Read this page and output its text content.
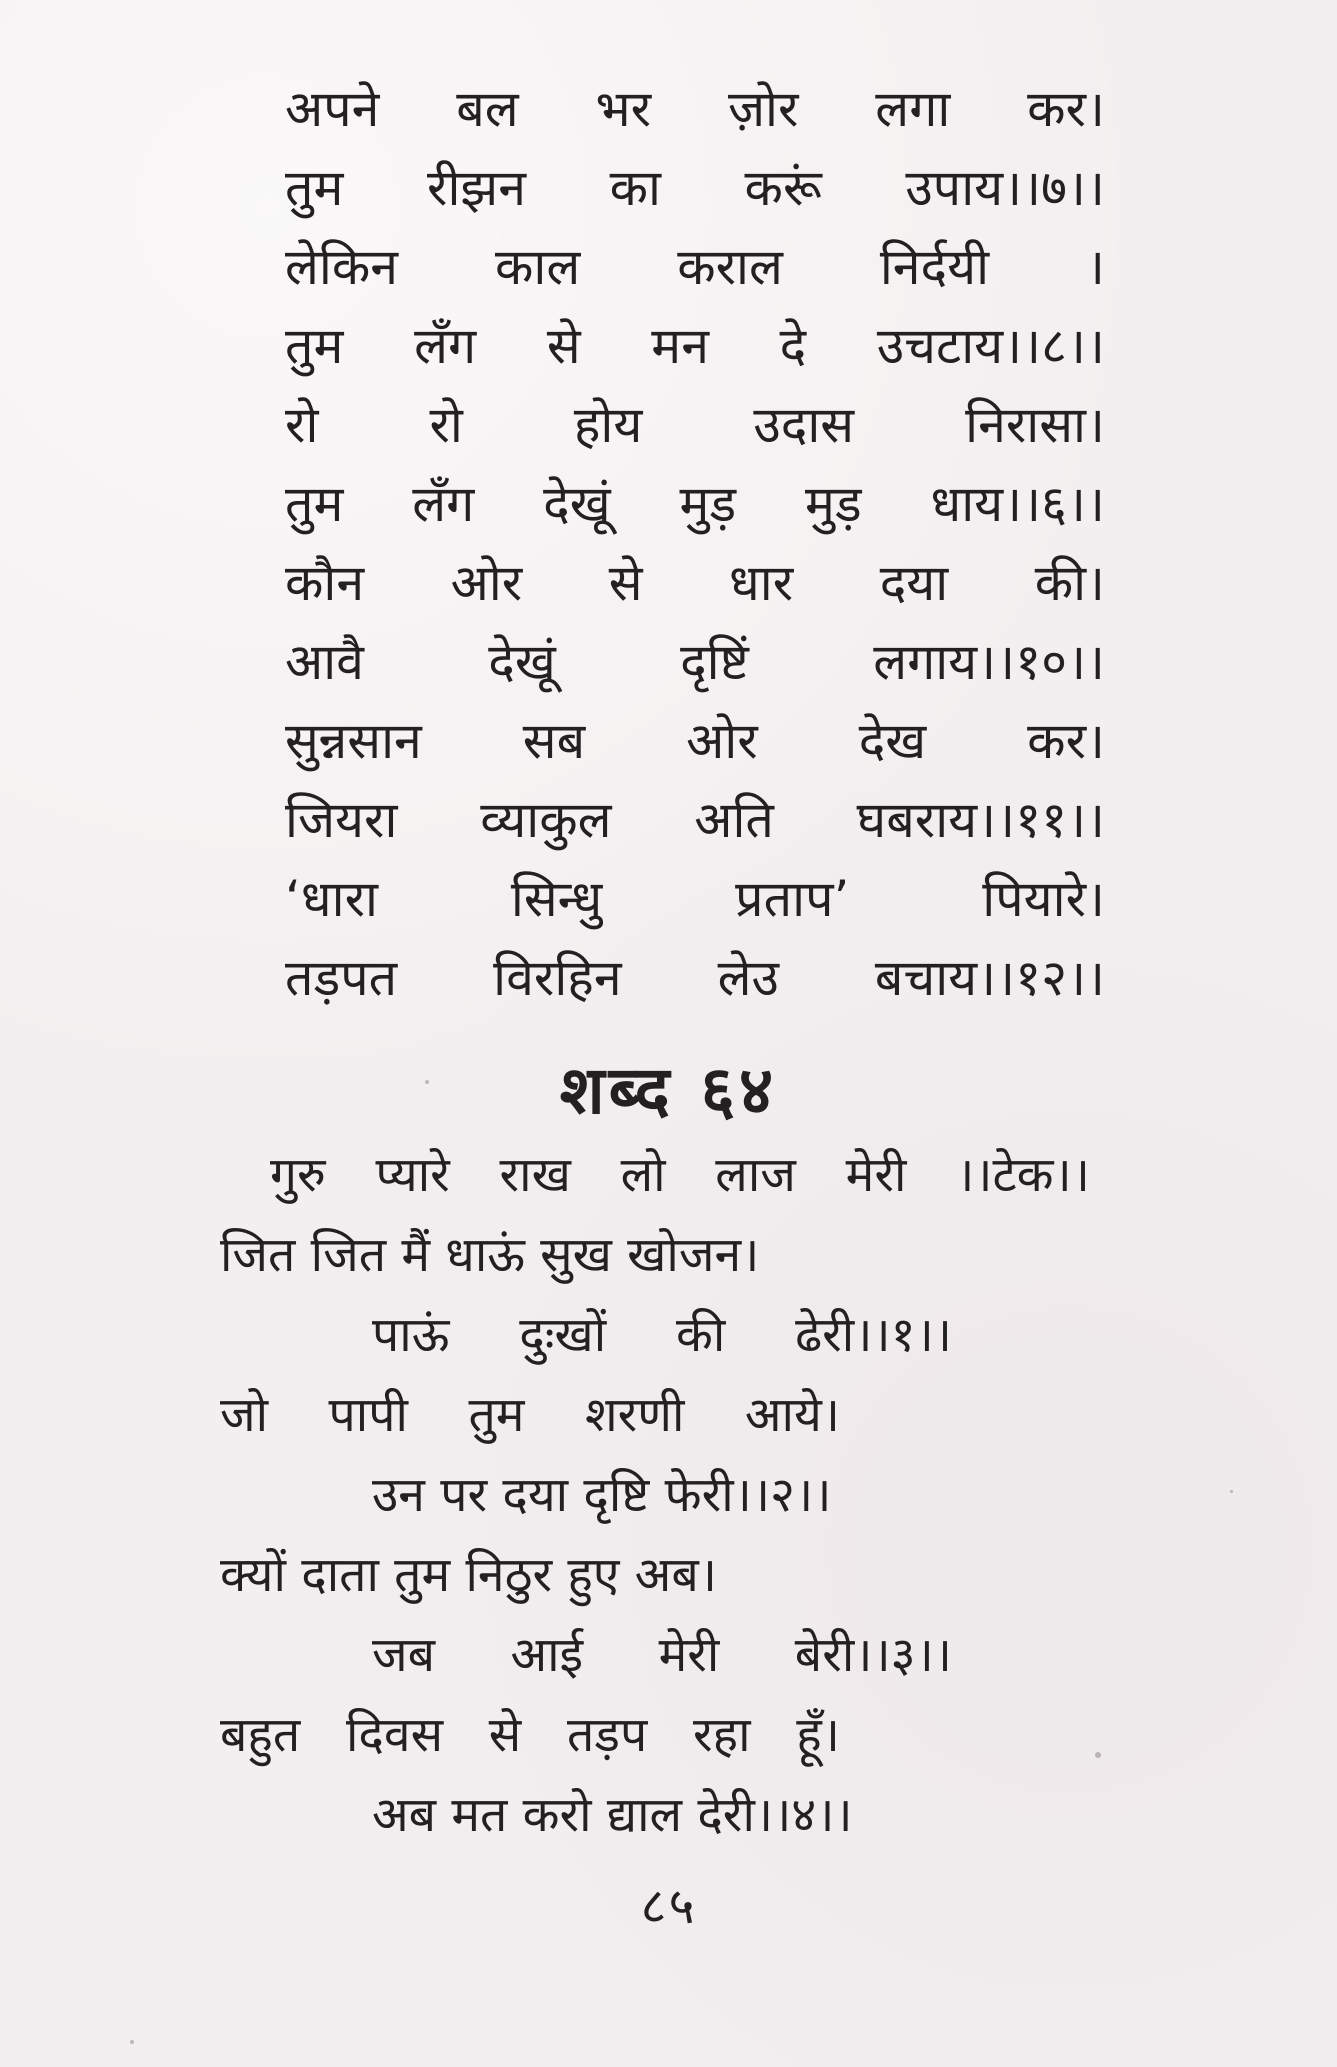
अपने बल भर ज़ोर लगा कर।
तुम रीझन का करूं उपाय।।७।।
लेकिन काल कराल निर्दयी ।
तुम लँग से मन दे उचटाय।।८।।
रो रो होय उदास निरासा।
तुम लँग देखूं मुड़ मुड़ धाय।।६।।
कौन ओर से धार दया की।
आवै देखूं दृष्टिं लगाय।।१०।।
सुन्नसान सब ओर देख कर।
जियरा व्याकुल अति घबराय।।११।।
‘धारा	सिन्धु	प्रताप’	पियारे।
तड़पत विरहिन लेउ बचाय।।१२।।
शब्द ६४
गुरु प्यारे राख लो लाज मेरी ।।टेक।।
जित जित मैं धाऊं सुख खोजन।
पाऊं दुःखों की ढेरी।।१।।
जो पापी तुम शरणी आये।
उन पर दया दृष्टि फेरी।।२।।
क्यों दाता तुम निठुर हुए अब।
जब आई मेरी बेरी।।३।।
बहुत दिवस से तड़प रहा हूँ।
अब मत करो द्याल देरी।।४।।
८५
